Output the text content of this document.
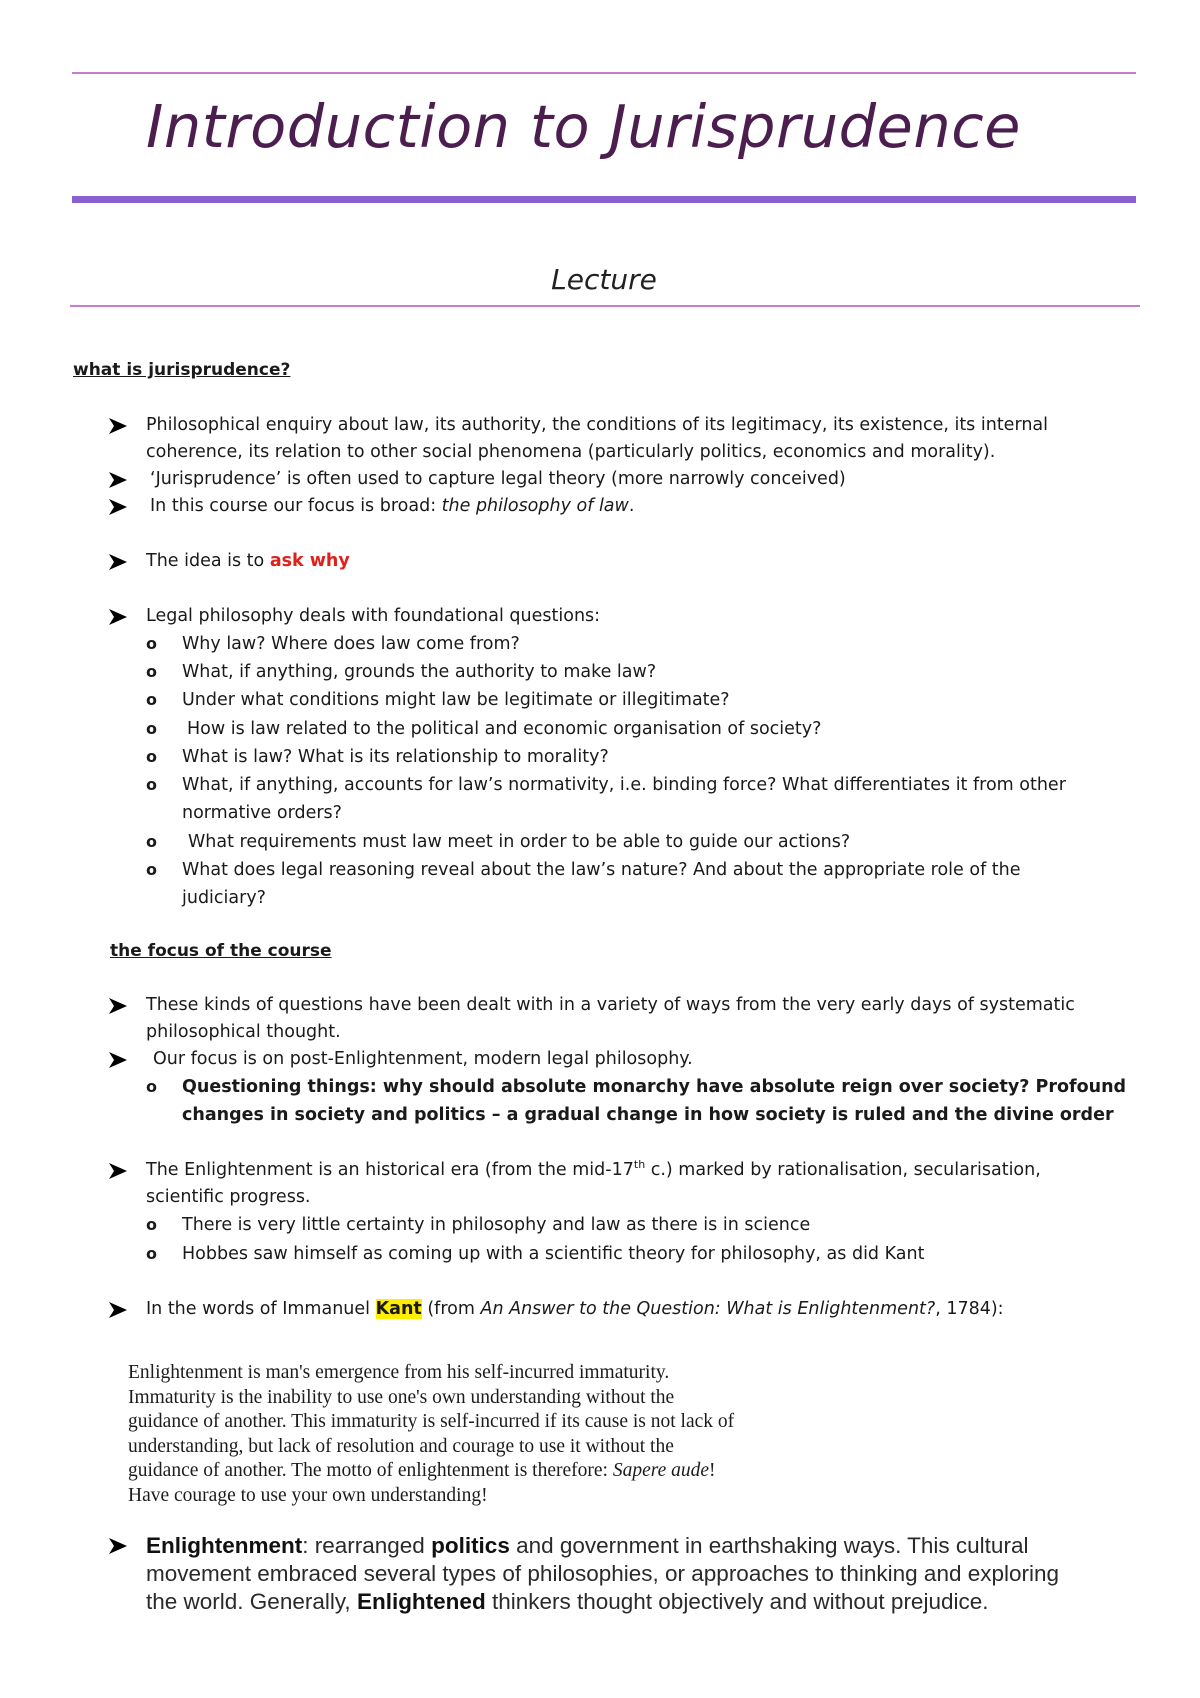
Introduction to Jurisprudence
Lecture
what is jurisprudence?
Philosophical enquiry about law, its authority, the conditions of its legitimacy, its existence, its internal
coherence, its relation to other social phenomena (particularly politics, economics and morality).
‘Jurisprudence’ is often used to capture legal theory (more narrowly conceived)
In this course our focus is broad: the philosophy of law.
The idea is to ask why
Legal philosophy deals with foundational questions:
o Why law? Where does law come from?
o What, if anything, grounds the authority to make law?
o Under what conditions might law be legitimate or illegitimate?
o How is law related to the political and economic organisation of society?
o What is law? What is its relationship to morality?
o What, if anything, accounts for law’s normativity, i.e. binding force? What differentiates it from other
normative orders?
o What requirements must law meet in order to be able to guide our actions?
o What does legal reasoning reveal about the law’s nature? And about the appropriate role of the
judiciary?
the focus of the course
These kinds of questions have been dealt with in a variety of ways from the very early days of systematic
philosophical thought.
Our focus is on post-Enlightenment, modern legal philosophy.
o Questioning things: why should absolute monarchy have absolute reign over society? Profound
changes in society and politics – a gradual change in how society is ruled and the divine order
The Enlightenment is an historical era (from the mid-17th c.) marked by rationalisation, secularisation,
scientific progress.
o There is very little certainty in philosophy and law as there is in science
o Hobbes saw himself as coming up with a scientific theory for philosophy, as did Kant
In the words of Immanuel Kant (from An Answer to the Question: What is Enlightenment?, 1784):
Enlightenment is man's emergence from his self-incurred immaturity.
Immaturity is the inability to use one's own understanding without the
guidance of another. This immaturity is self-incurred if its cause is not lack of
understanding, but lack of resolution and courage to use it without the
guidance of another. The motto of enlightenment is therefore: Sapere aude!
Have courage to use your own understanding!
Enlightenment: rearranged politics and government in earthshaking ways. This cultural
movement embraced several types of philosophies, or approaches to thinking and exploring
the world. Generally, Enlightened thinkers thought objectively and without prejudice.
